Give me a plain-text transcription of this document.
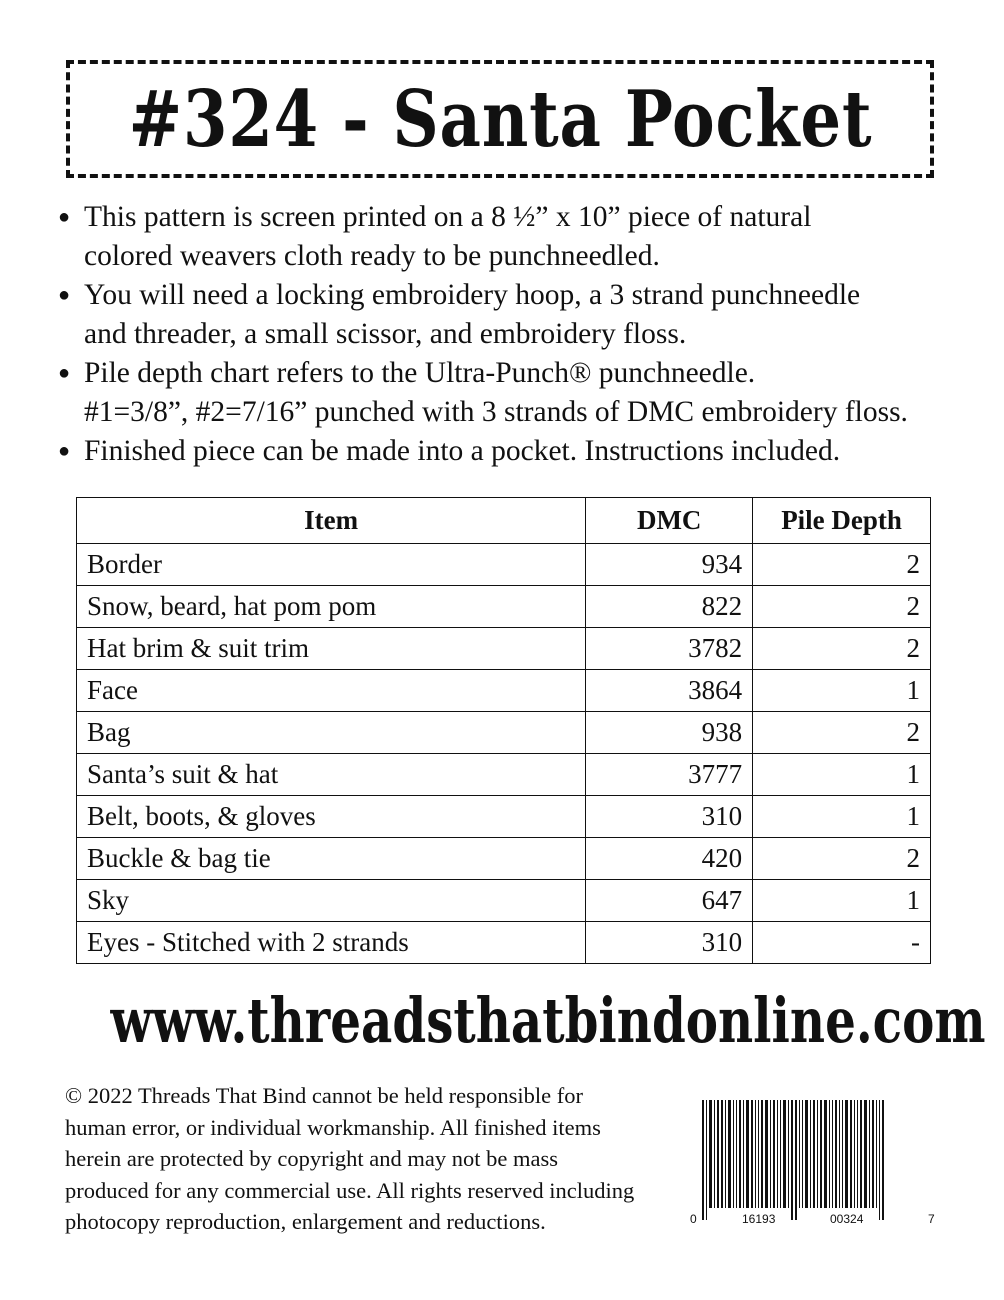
#324 - Santa Pocket
● This pattern is screen printed on a 8 ½” x 10” piece of natural
colored weavers cloth ready to be punchneedled.
● You will need a locking embroidery hoop, a 3 strand punchneedle
and threader, a small scissor, and embroidery floss.
● Pile depth chart refers to the Ultra-Punch® punchneedle.
#1=3/8”, #2=7/16” punched with 3 strands of DMC embroidery floss.
● Finished piece can be made into a pocket. Instructions included.
Item	DMC	Pile Depth
Border	934	2
Snow, beard, hat pom pom	822	2
Hat brim & suit trim	3782	2
Face	3864	1
Bag	938	2
Santa’s suit & hat	3777	1
Belt, boots, & gloves	310	1
Buckle & bag tie	420	2
Sky	647	1
Eyes - Stitched with 2 strands	310	-
www.threadsthatbindonline.com
© 2022 Threads That Bind cannot be held responsible for
human error, or individual workmanship. All finished items
herein are protected by copyright and may not be mass
produced for any commercial use. All rights reserved including
photocopy reproduction, enlargement and reductions.	0	16193	00324	7
